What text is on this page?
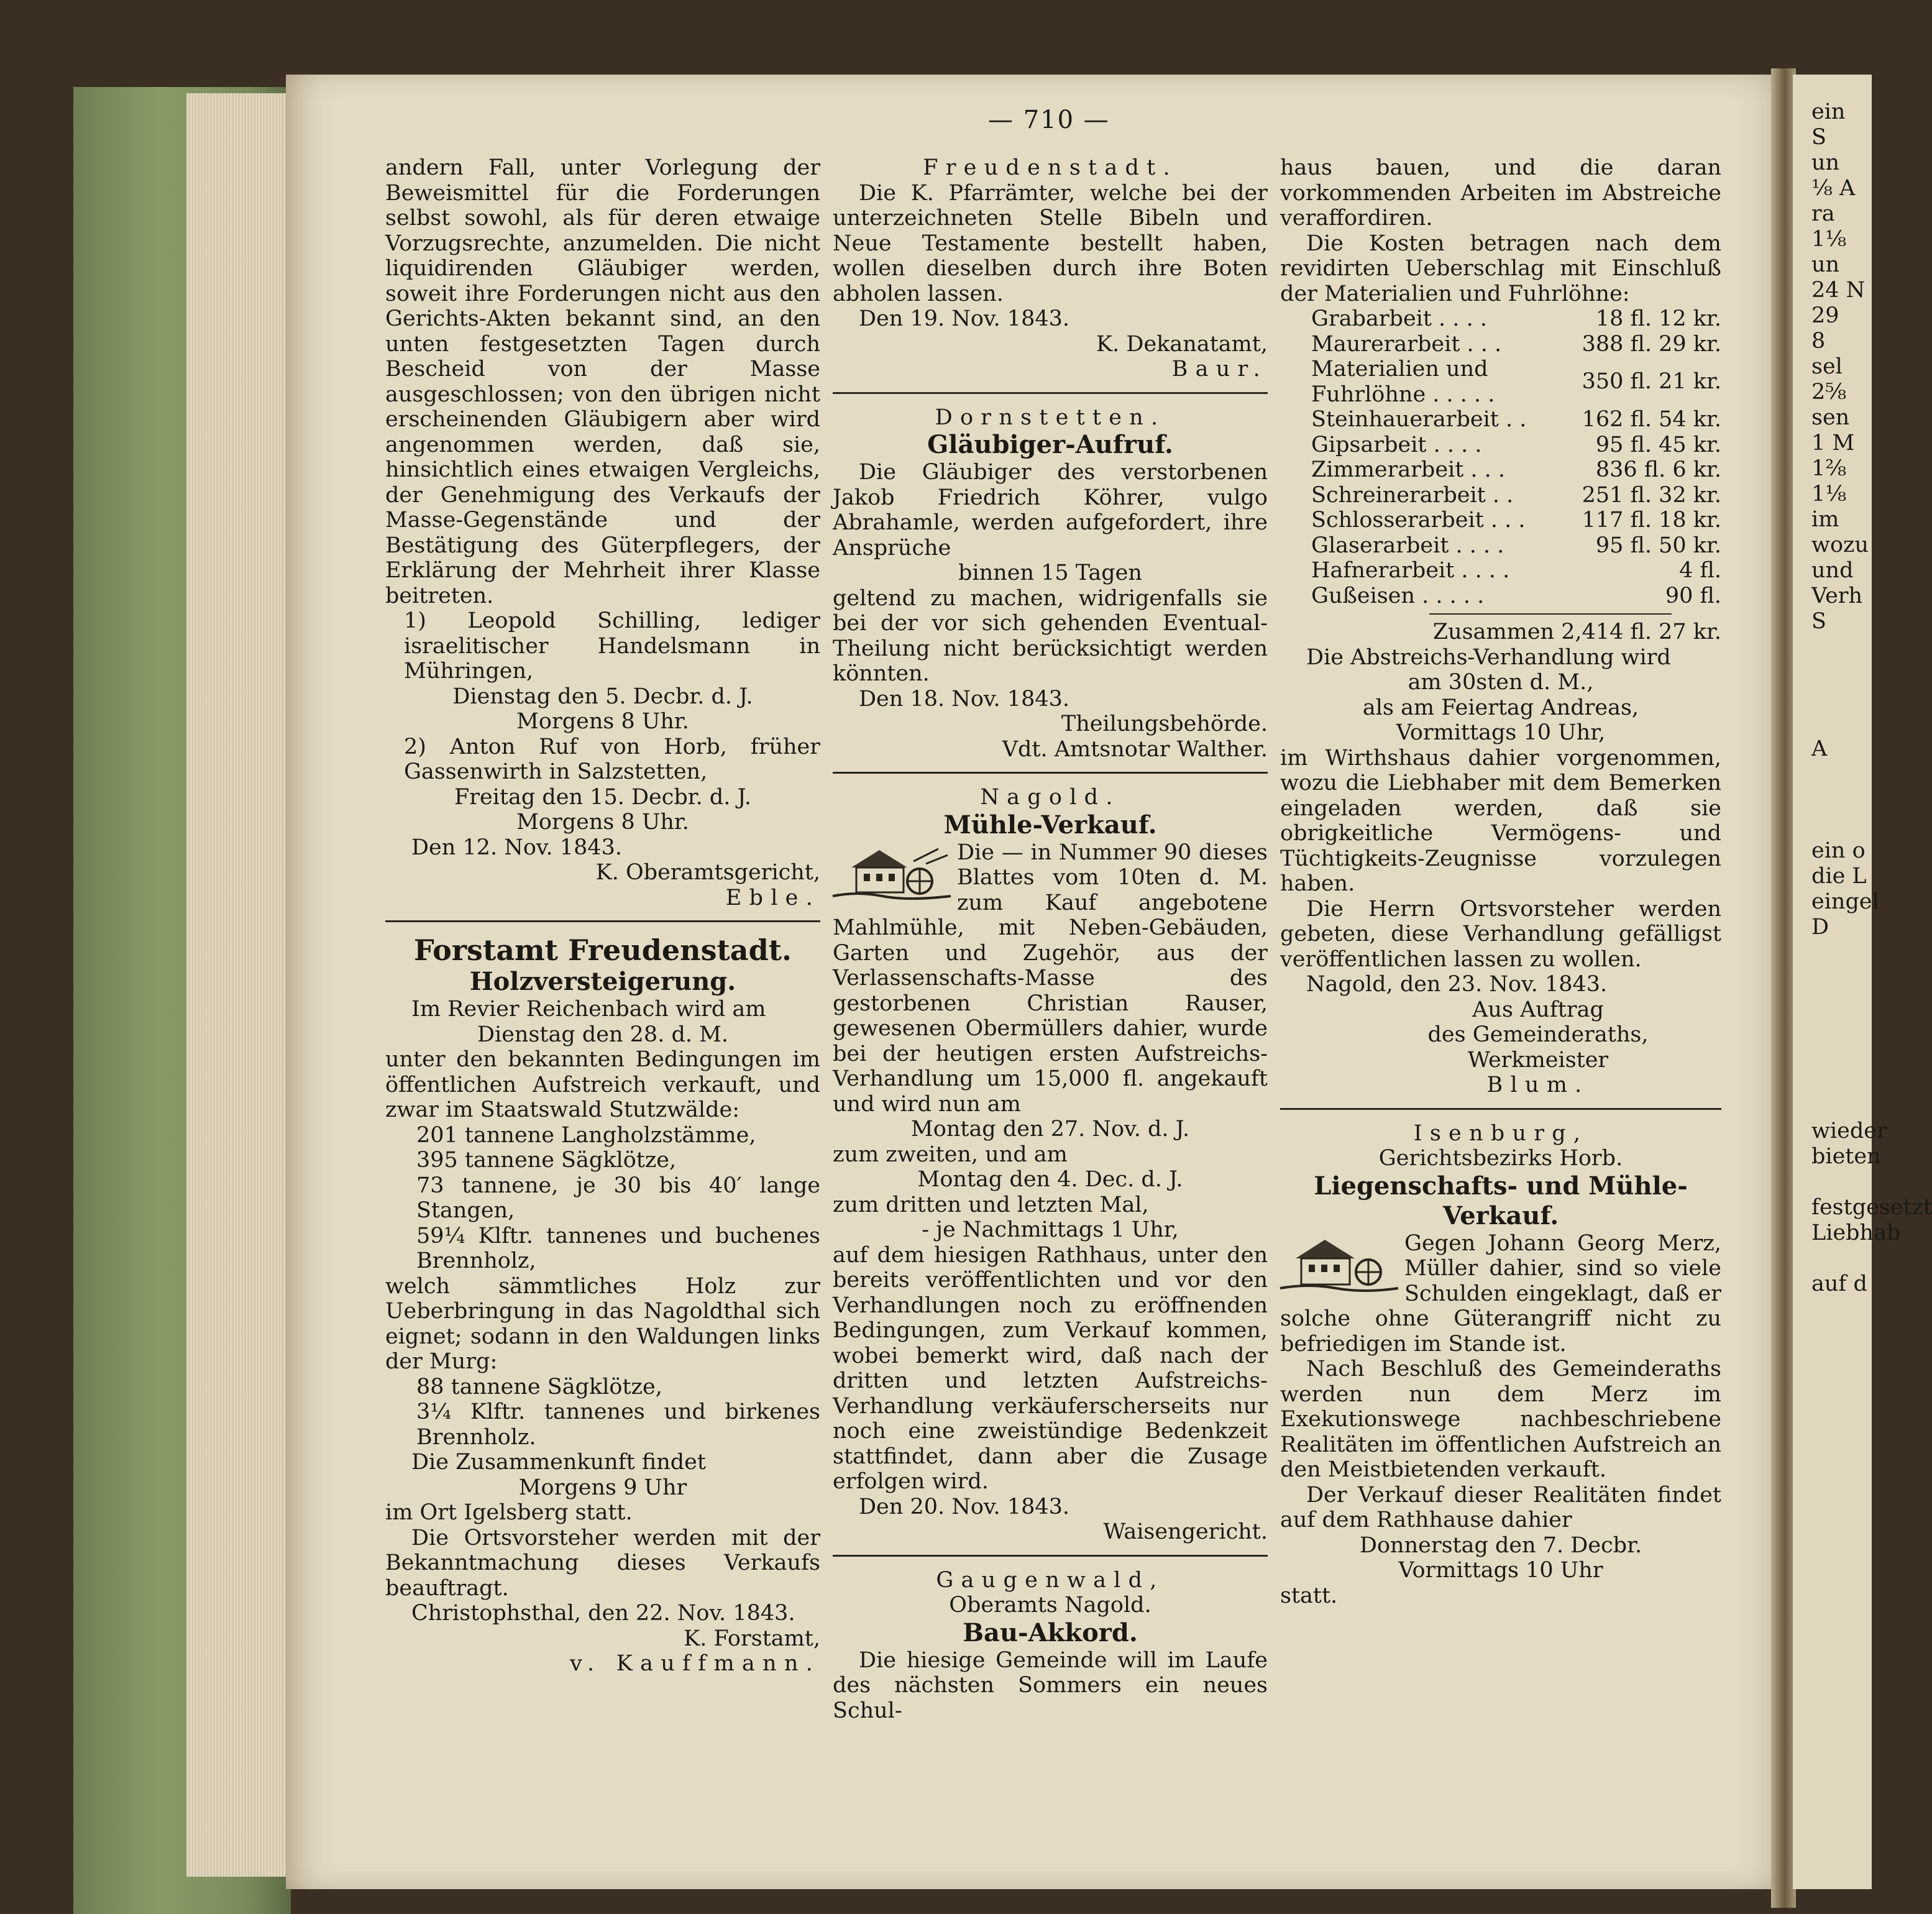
ein
S
un
⅛ A
ra
1⅛
un
24 N
29
8
sel
2⁵⁄₈
sen
1 M
1²⁄₈
1⅛
im
wozu
und
Verh
S

A

ein o
die L
eingel
D

wieder
bieten

festgesetzt
Liebhab

auf d
— 710 —

andern Fall, unter Vorlegung der Beweismittel für die Forderungen selbst sowohl, als für deren etwaige Vorzugsrechte, anzumelden. Die nicht liquidirenden Gläubiger werden, soweit ihre Forderungen nicht aus den Gerichts-Akten bekannt sind, an den unten festgesetzten Tagen durch Bescheid von der Masse ausgeschlossen; von den übrigen nicht erscheinenden Gläubigern aber wird angenommen werden, daß sie, hinsichtlich eines etwaigen Vergleichs, der Genehmigung des Verkaufs der Masse-Gegenstände und der Bestätigung des Güterpflegers, der Erklärung der Mehrheit ihrer Klasse beitreten.

1) Leopold Schilling, lediger israelitischer Handelsmann in Mühringen,

Dienstag den 5. Decbr. d. J.

Morgens 8 Uhr.

2) Anton Ruf von Horb, früher Gassenwirth in Salzstetten,

Freitag den 15. Decbr. d. J.

Morgens 8 Uhr.

Den 12. Nov. 1843.

K. Oberamtsgericht,

Eble.

Forstamt Freudenstadt.

Holzversteigerung.

Im Revier Reichenbach wird am

Dienstag den 28. d. M.

unter den bekannten Bedingungen im öffentlichen Aufstreich verkauft, und zwar im Staatswald Stutzwälde:

201 tannene Langholzstämme,

395 tannene Sägklötze,

73 tannene, je 30 bis 40′ lange Stangen,

59¼ Klftr. tannenes und buchenes Brennholz,

welch sämmtliches Holz zur Ueberbringung in das Nagoldthal sich eignet; sodann in den Waldungen links der Murg:

88 tannene Sägklötze,

3¼ Klftr. tannenes und birkenes Brennholz.

Die Zusammenkunft findet

Morgens 9 Uhr

im Ort Igelsberg statt.

Die Ortsvorsteher werden mit der Bekanntmachung dieses Verkaufs beauftragt.

Christophsthal, den 22. Nov. 1843.

K. Forstamt,

v. Kauffmann.

Freudenstadt.

Die K. Pfarrämter, welche bei der unterzeichneten Stelle Bibeln und Neue Testamente bestellt haben, wollen dieselben durch ihre Boten abholen lassen.

Den 19. Nov. 1843.

K. Dekanatamt,

Baur.

Dornstetten.

Gläubiger-Aufruf.

Die Gläubiger des verstorbenen Jakob Friedrich Köhrer, vulgo Abrahamle, werden aufgefordert, ihre Ansprüche

binnen 15 Tagen

geltend zu machen, widrigenfalls sie bei der vor sich gehenden Eventual-Theilung nicht berücksichtigt werden könnten.

Den 18. Nov. 1843.

Theilungsbehörde.

Vdt. Amtsnotar Walther.

Nagold.

Mühle-Verkauf.

Die — in Nummer 90 dieses Blattes vom 10ten d. M. zum Kauf angebotene Mahlmühle, mit Neben-Gebäuden, Garten und Zugehör, aus der Verlassenschafts-Masse des gestorbenen Christian Rauser, gewesenen Obermüllers dahier, wurde bei der heutigen ersten Aufstreichs-Verhandlung um 15,000 fl. angekauft und wird nun am

Montag den 27. Nov. d. J.

zum zweiten, und am

Montag den 4. Dec. d. J.

zum dritten und letzten Mal,

- je Nachmittags 1 Uhr,

auf dem hiesigen Rathhaus, unter den bereits veröffentlichten und vor den Verhandlungen noch zu eröffnenden Bedingungen, zum Verkauf kommen, wobei bemerkt wird, daß nach der dritten und letzten Aufstreichs-Verhandlung verkäuferscherseits nur noch eine zweistündige Bedenkzeit stattfindet, dann aber die Zusage erfolgen wird.

Den 20. Nov. 1843.

Waisengericht.

Gaugenwald,

Oberamts Nagold.

Bau-Akkord.

Die hiesige Gemeinde will im Laufe des nächsten Sommers ein neues Schul-

haus bauen, und die daran vorkommenden Arbeiten im Abstreiche veraffordiren.

Die Kosten betragen nach dem revidirten Ueberschlag mit Einschluß der Materialien und Fuhrlöhne:

Grabarbeit . . . .	18 fl. 12 kr.
Maurerarbeit . . .	388 fl. 29 kr.
Materialien und Fuhrlöhne . . . . .	350 fl. 21 kr.
Steinhauerarbeit . .	162 fl. 54 kr.
Gipsarbeit . . . .	95 fl. 45 kr.
Zimmerarbeit . . .	836 fl. 6 kr.
Schreinerarbeit . .	251 fl. 32 kr.
Schlosserarbeit . . .	117 fl. 18 kr.
Glaserarbeit . . . .	95 fl. 50 kr.
Hafnerarbeit . . . .	4 fl.
Gußeisen . . . . .	90 fl.

Zusammen 2,414 fl. 27 kr.

Die Abstreichs-Verhandlung wird

am 30sten d. M.,

als am Feiertag Andreas,

Vormittags 10 Uhr,

im Wirthshaus dahier vorgenommen, wozu die Liebhaber mit dem Bemerken eingeladen werden, daß sie obrigkeitliche Vermögens- und Tüchtigkeits-Zeugnisse vorzulegen haben.

Die Herrn Ortsvorsteher werden gebeten, diese Verhandlung gefälligst veröffentlichen lassen zu wollen.

Nagold, den 23. Nov. 1843.

Aus Auftrag

des Gemeinderaths,

Werkmeister

Blum.

Isenburg,

Gerichtsbezirks Horb.

Liegenschafts- und Mühle-Verkauf.

Gegen Johann Georg Merz, Müller dahier, sind so viele Schulden eingeklagt, daß er solche ohne Güterangriff nicht zu befriedigen im Stande ist.

Nach Beschluß des Gemeinderaths werden nun dem Merz im Exekutionswege nachbeschriebene Realitäten im öffentlichen Aufstreich an den Meistbietenden verkauft.

Der Verkauf dieser Realitäten findet auf dem Rathhause dahier

Donnerstag den 7. Decbr.

Vormittags 10 Uhr

statt.
